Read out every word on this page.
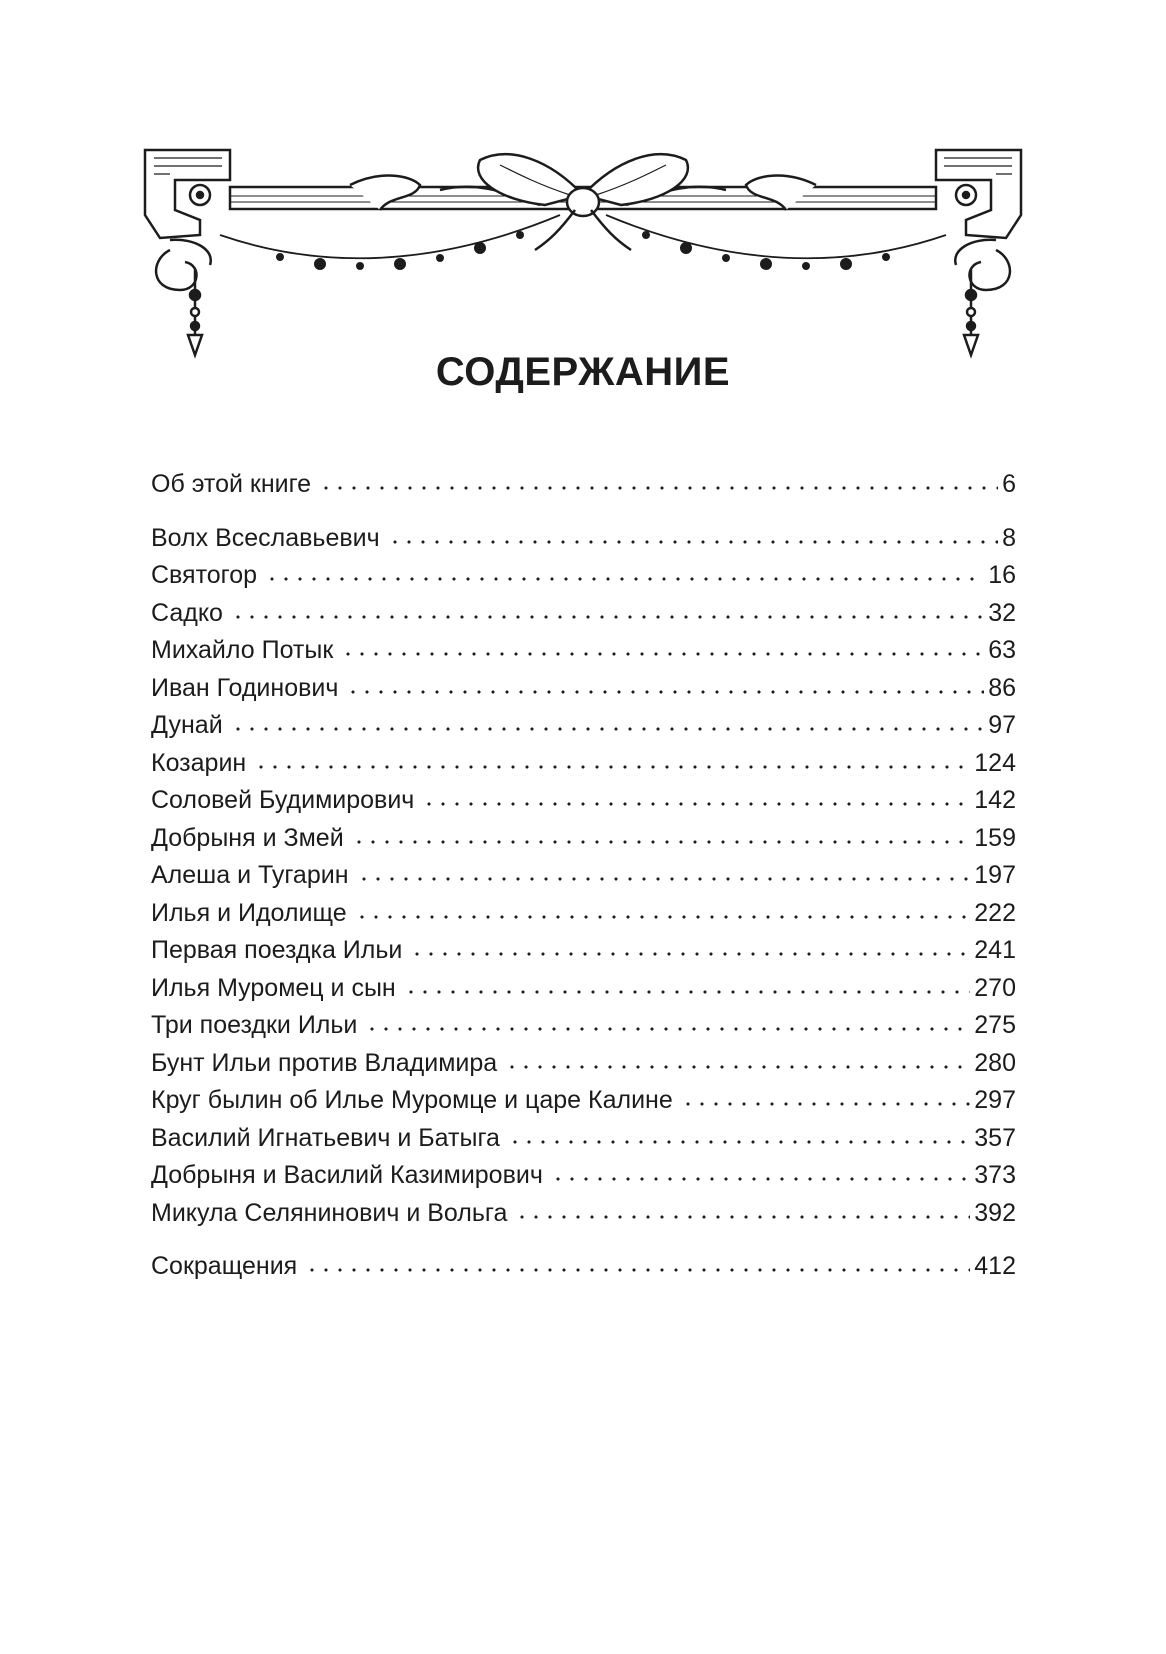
СОДЕРЖАНИЕ
Об этой книге	6
Волх Всеславьевич	8
Святогор	16
Садко	32
Михайло Потык	63
Иван Годинович	86
Дунай	97
Козарин	124
Соловей Будимирович	142
Добрыня и Змей	159
Алеша и Тугарин	197
Илья и Идолище	222
Первая поездка Ильи	241
Илья Муромец и сын	270
Три поездки Ильи	275
Бунт Ильи против Владимира	280
Круг былин об Илье Муромце и царе Калине	297
Василий Игнатьевич и Батыга	357
Добрыня и Василий Казимирович	373
Микула Селянинович и Вольга	392
Сокращения	412
